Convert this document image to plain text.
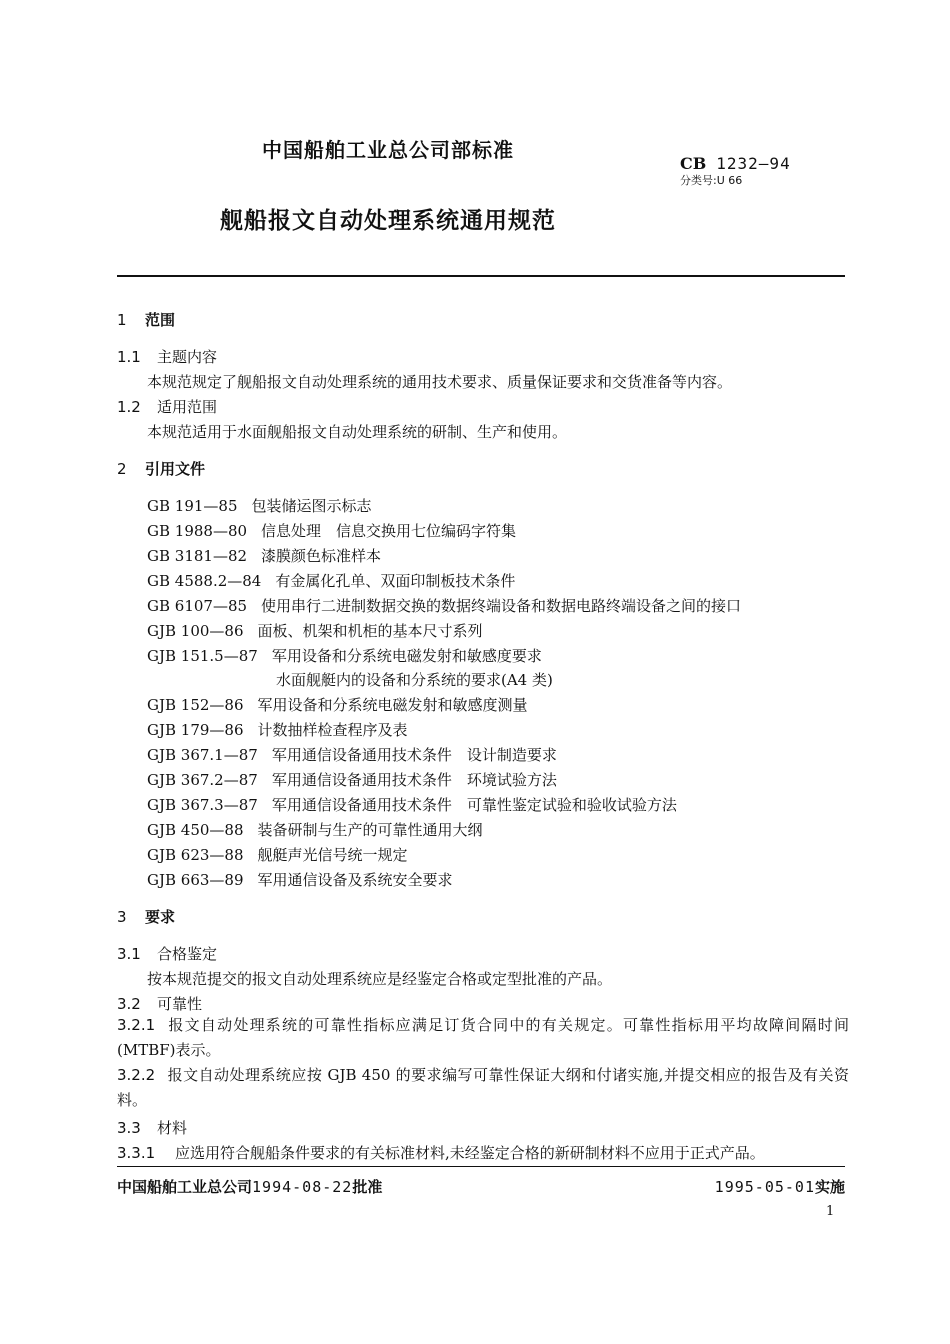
中国船舶工业总公司部标准
CB 1232—94
分类号:U 66
舰船报文自动处理系统通用规范
1 范围
1.1 主题内容
本规范规定了舰船报文自动处理系统的通用技术要求、质量保证要求和交货准备等内容。
1.2 适用范围
本规范适用于水面舰船报文自动处理系统的研制、生产和使用。
2 引用文件
GB 191—85 包装储运图示标志
GB 1988—80 信息处理　信息交换用七位编码字符集
GB 3181—82 漆膜颜色标准样本
GB 4588.2—84 有金属化孔单、双面印制板技术条件
GB 6107—85 使用串行二进制数据交换的数据终端设备和数据电路终端设备之间的接口
GJB 100—86 面板、机架和机柜的基本尺寸系列
GJB 151.5—87 军用设备和分系统电磁发射和敏感度要求
水面舰艇内的设备和分系统的要求(A4 类)
GJB 152—86 军用设备和分系统电磁发射和敏感度测量
GJB 179—86 计数抽样检查程序及表
GJB 367.1—87 军用通信设备通用技术条件　设计制造要求
GJB 367.2—87 军用通信设备通用技术条件　环境试验方法
GJB 367.3—87 军用通信设备通用技术条件　可靠性鉴定试验和验收试验方法
GJB 450—88 装备研制与生产的可靠性通用大纲
GJB 623—88 舰艇声光信号统一规定
GJB 663—89 军用通信设备及系统安全要求
3 要求
3.1 合格鉴定
按本规范提交的报文自动处理系统应是经鉴定合格或定型批准的产品。
3.2 可靠性
3.2.1 报文自动处理系统的可靠性指标应满足订货合同中的有关规定。可靠性指标用平均故障间隔时间(MTBF)表示。
3.2.2 报文自动处理系统应按 GJB 450 的要求编写可靠性保证大纲和付诸实施,并提交相应的报告及有关资料。
3.3 材料
3.3.1 应选用符合舰船条件要求的有关标准材料,未经鉴定合格的新研制材料不应用于正式产品。
中国船舶工业总公司1994-08-22批准	1995-05-01实施
1
